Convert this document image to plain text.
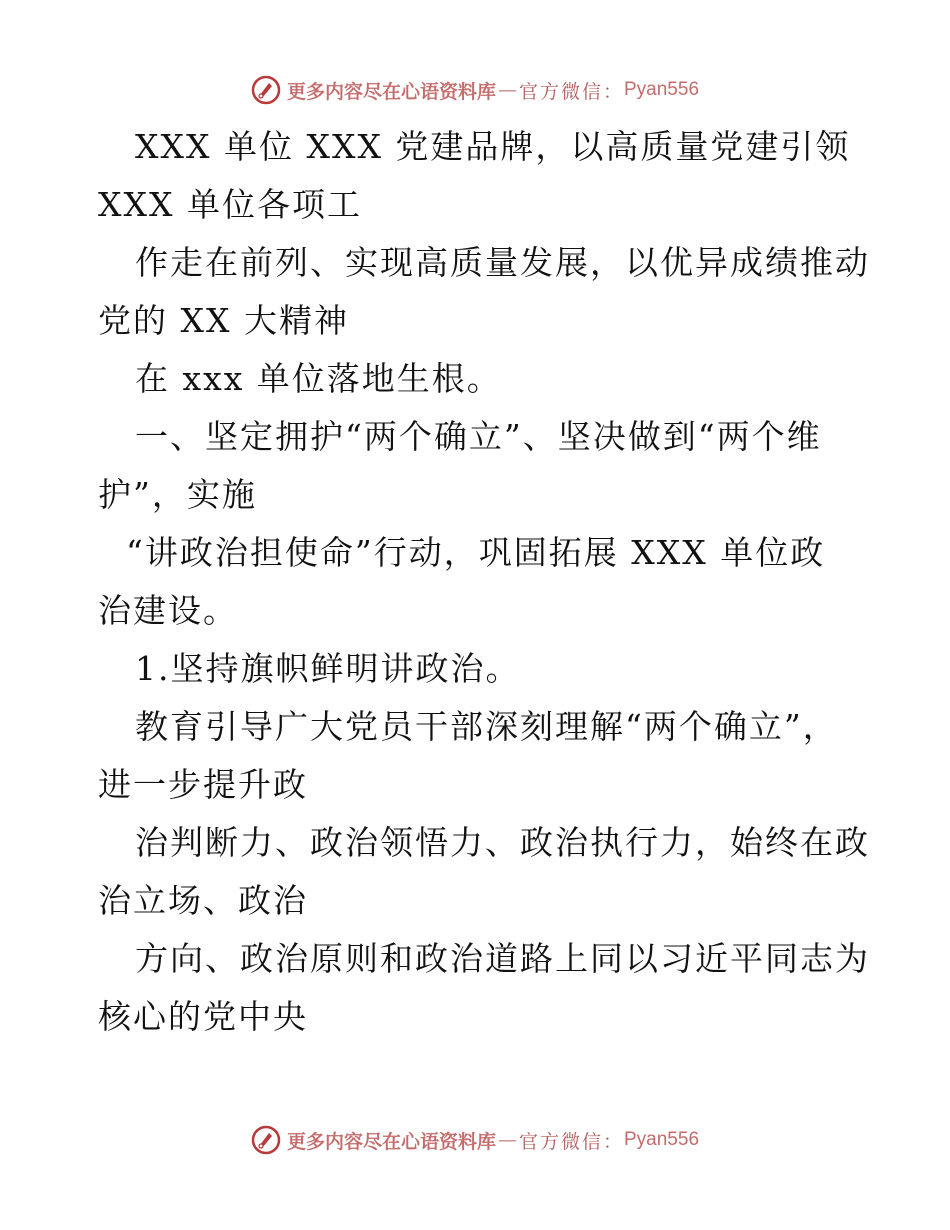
更多内容尽在心语资料库 — 官方微信： Pyan556
XXX 单位 XXX 党建品牌，以高质量党建引领
XXX 单位各项工
作走在前列、实现高质量发展，以优异成绩推动
党的 XX 大精神
在 xxx 单位落地生根。
一、坚定拥护“两个确立”、坚决做到“两个维
护”，实施
“讲政治担使命”行动，巩固拓展 XXX 单位政
治建设。
1.坚持旗帜鲜明讲政治。
教育引导广大党员干部深刻理解“两个确立”，
进一步提升政
治判断力、政治领悟力、政治执行力，始终在政
治立场、政治
方向、政治原则和政治道路上同以习近平同志为
核心的党中央
更多内容尽在心语资料库 — 官方微信： Pyan556
